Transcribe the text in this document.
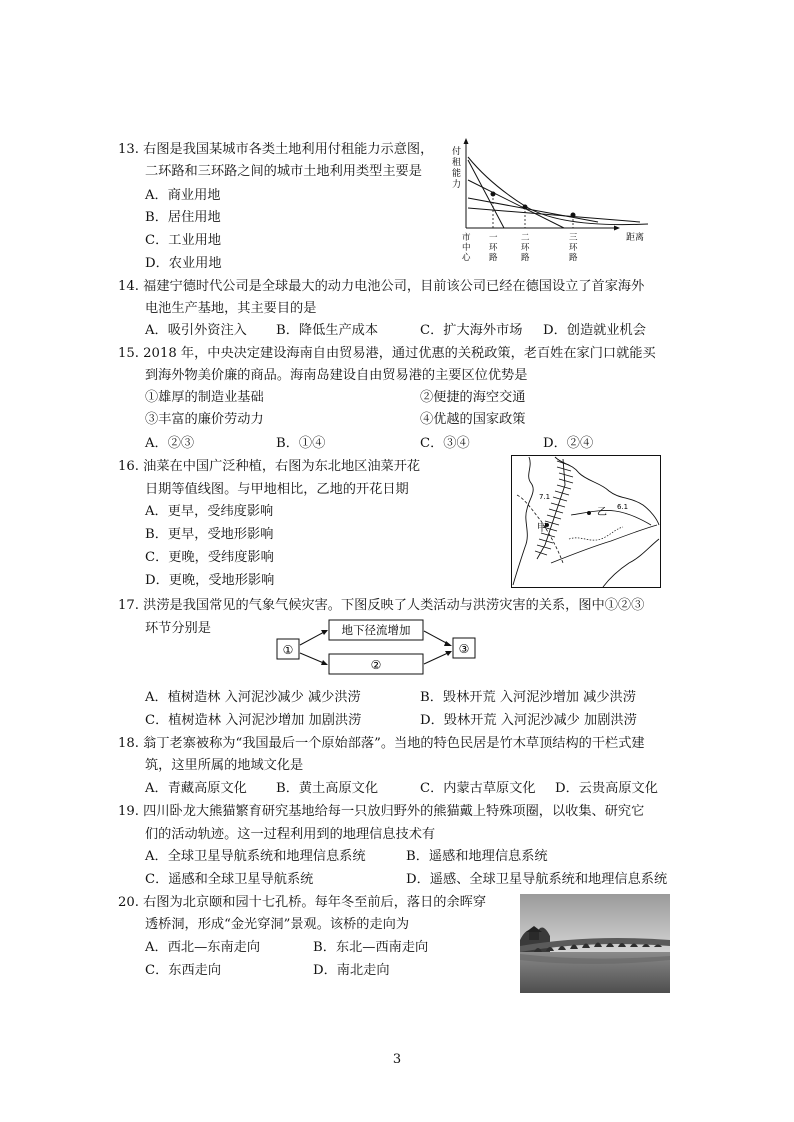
13. 右图是我国某城市各类土地利用付租能力示意图，
二环路和三环路之间的城市土地利用类型主要是
A．商业用地
B．居住用地
C．工业用地
D．农业用地
付
租
能
力
市
中
心
一
环
路
二
环
路
三
环
路
距离
14. 福建宁德时代公司是全球最大的动力电池公司，目前该公司已经在德国设立了首家海外
电池生产基地，其主要目的是
A．吸引外资注入 B．降低生产成本	C．扩大海外市场 D．创造就业机会
15. 2018 年，中央决定建设海南自由贸易港，通过优惠的关税政策，老百姓在家门口就能买
到海外物美价廉的商品。海南岛建设自由贸易港的主要区位优势是
①雄厚的制造业基础	②便捷的海空交通
③丰富的廉价劳动力	④优越的国家政策
A．②③	B．①④	C．③④	D．②④
16. 油菜在中国广泛种植，右图为东北地区油菜开花
日期等值线图。与甲地相比，乙地的开花日期
A．更早，受纬度影响
B．更早，受地形影响
C．更晚，受纬度影响
D．更晚，受地形影响
甲
乙
7.1
6.1
17. 洪涝是我国常见的气象气候灾害。下图反映了人类活动与洪涝灾害的关系，图中①②③
环节分别是
①
地下径流增加
②
③
A．植树造林 入河泥沙减少 减少洪涝	B．毁林开荒 入河泥沙增加 减少洪涝
C．植树造林 入河泥沙增加 加剧洪涝	D．毁林开荒 入河泥沙减少 加剧洪涝
18. 翁丁老寨被称为“我国最后一个原始部落”。当地的特色民居是竹木草顶结构的干栏式建
筑，这里所属的地域文化是
A．青藏高原文化 B．黄土高原文化	C．内蒙古草原文化 D．云贵高原文化
19. 四川卧龙大熊猫繁育研究基地给每一只放归野外的熊猫戴上特殊项圈，以收集、研究它
们的活动轨迹。这一过程利用到的地理信息技术有
A．全球卫星导航系统和地理信息系统	B．遥感和地理信息系统
C．遥感和全球卫星导航系统	D．遥感、全球卫星导航系统和地理信息系统
20. 右图为北京颐和园十七孔桥。每年冬至前后，落日的余晖穿
透桥洞，形成“金光穿洞”景观。该桥的走向为
A．西北—东南走向	B．东北—西南走向
C．东西走向	D．南北走向
3
